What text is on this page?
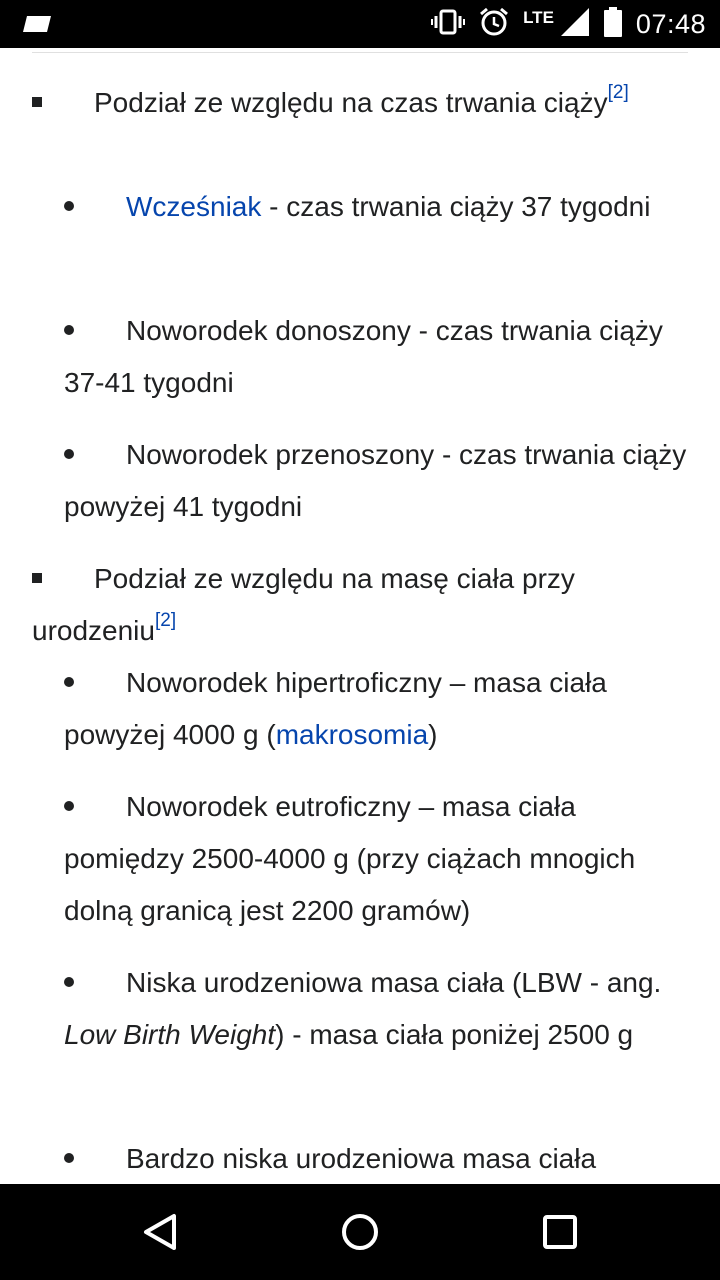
LTE	07:48
Podział ze względu na czas trwania ciąży[2]
Wcześniak - czas trwania ciąży 37 tygodni
Noworodek donoszony - czas trwania ciąży 37-41 tygodni
Noworodek przenoszony - czas trwania ciąży powyżej 41 tygodni
Podział ze względu na masę ciała przy urodzeniu[2]
Noworodek hipertroficzny – masa ciała powyżej 4000 g (makrosomia)
Noworodek eutroficzny – masa ciała pomiędzy 2500-4000 g (przy ciążach mnogich dolną granicą jest 2200 gramów)
Niska urodzeniowa masa ciała (LBW - ang. Low Birth Weight) - masa ciała poniżej 2500 g
Bardzo niska urodzeniowa masa ciała
